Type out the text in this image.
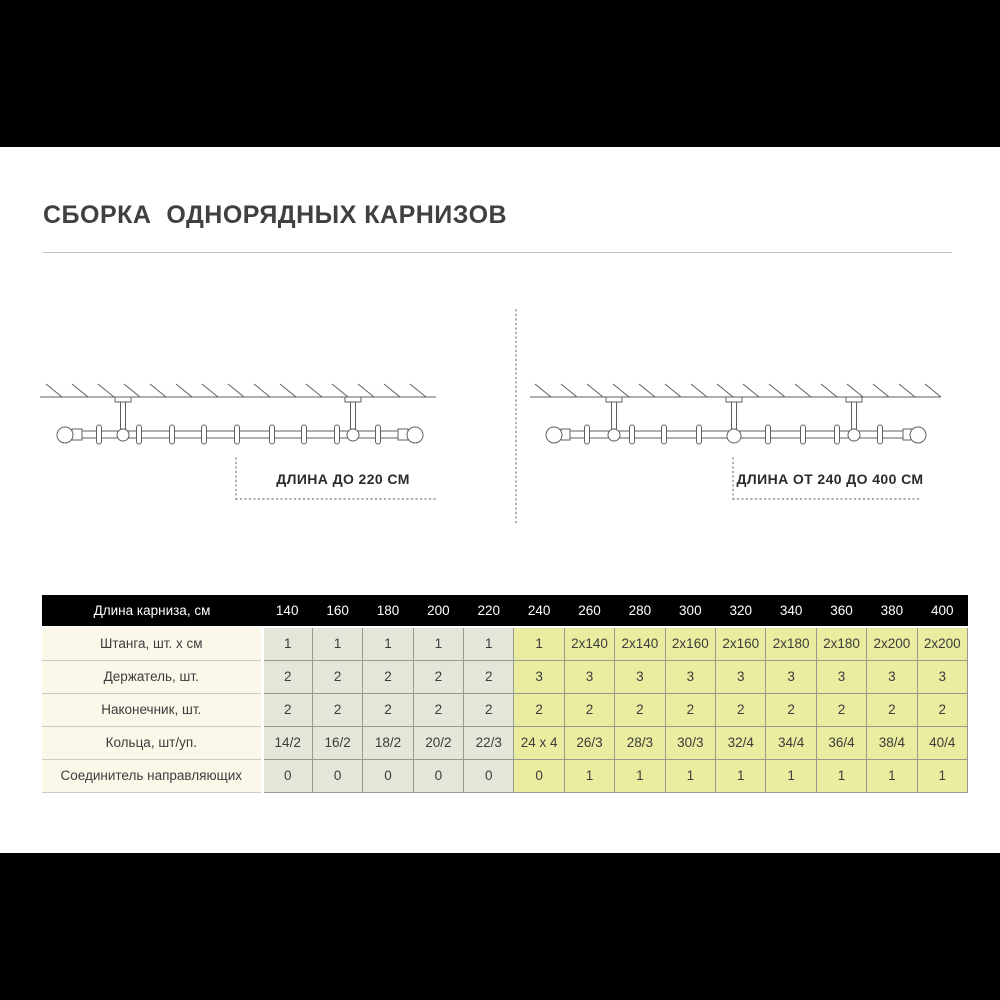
СБОРКА  ОДНОРЯДНЫХ КАРНИЗОВ
ДЛИНА ДО 220 СМ	ДЛИНА ОТ 240 ДО 400 СМ
Длина карниза, см	140	160	180	200	220	240	260	280	300	320	340	360	380	400
Штанга, шт. х см	1	1	1	1	1	1	2x140	2x140	2x160	2x160	2x180	2x180	2x200	2x200
Держатель, шт.	2	2	2	2	2	3	3	3	3	3	3	3	3	3
Наконечник, шт.	2	2	2	2	2	2	2	2	2	2	2	2	2	2
Кольца, шт/уп.	14/2	16/2	18/2	20/2	22/3	24 x 4	26/3	28/3	30/3	32/4	34/4	36/4	38/4	40/4
Соединитель направляющих	0	0	0	0	0	0	1	1	1	1	1	1	1	1
